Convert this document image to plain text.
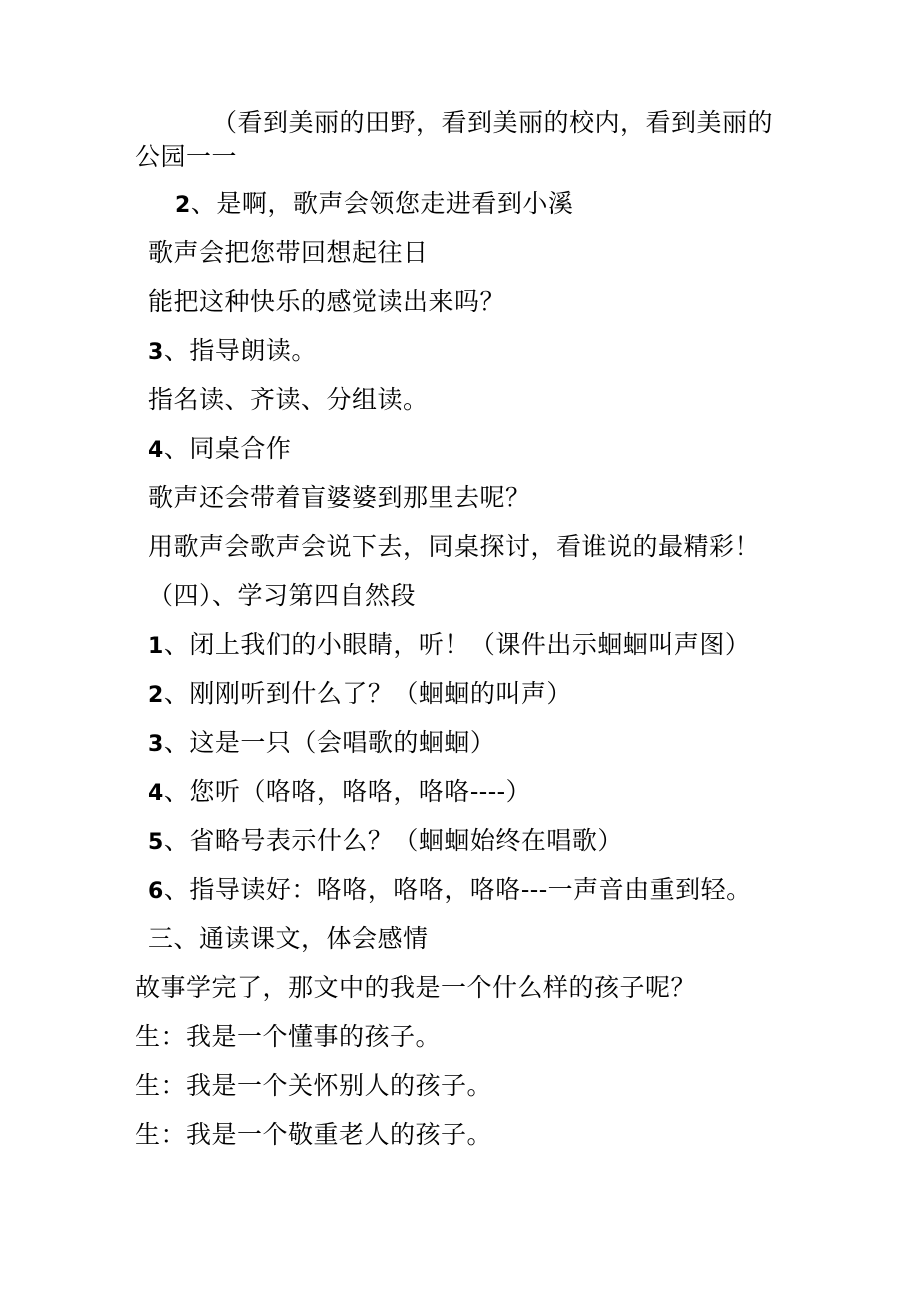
（看到美丽的田野，看到美丽的校内，看到美丽的
公园一一
2、是啊，歌声会领您走进看到小溪
歌声会把您带回想起往日
能把这种快乐的感觉读出来吗？
3、指导朗读。
指名读、齐读、分组读。
4、同桌合作
歌声还会带着盲婆婆到那里去呢？
用歌声会歌声会说下去，同桌探讨，看谁说的最精彩！
（四）、学习第四自然段
1、闭上我们的小眼睛，听！（课件出示蛔蛔叫声图）
2、刚刚听到什么了？（蛔蛔的叫声）
3、这是一只（会唱歌的蛔蛔）
4、您听（咯咯，咯咯，咯咯----）
5、省略号表示什么？（蛔蛔始终在唱歌）
6、指导读好：咯咯，咯咯，咯咯---一声音由重到轻。
三、通读课文，体会感情
故事学完了，那文中的我是一个什么样的孩子呢？
生：我是一个懂事的孩子。
生：我是一个关怀别人的孩子。
生：我是一个敬重老人的孩子。
